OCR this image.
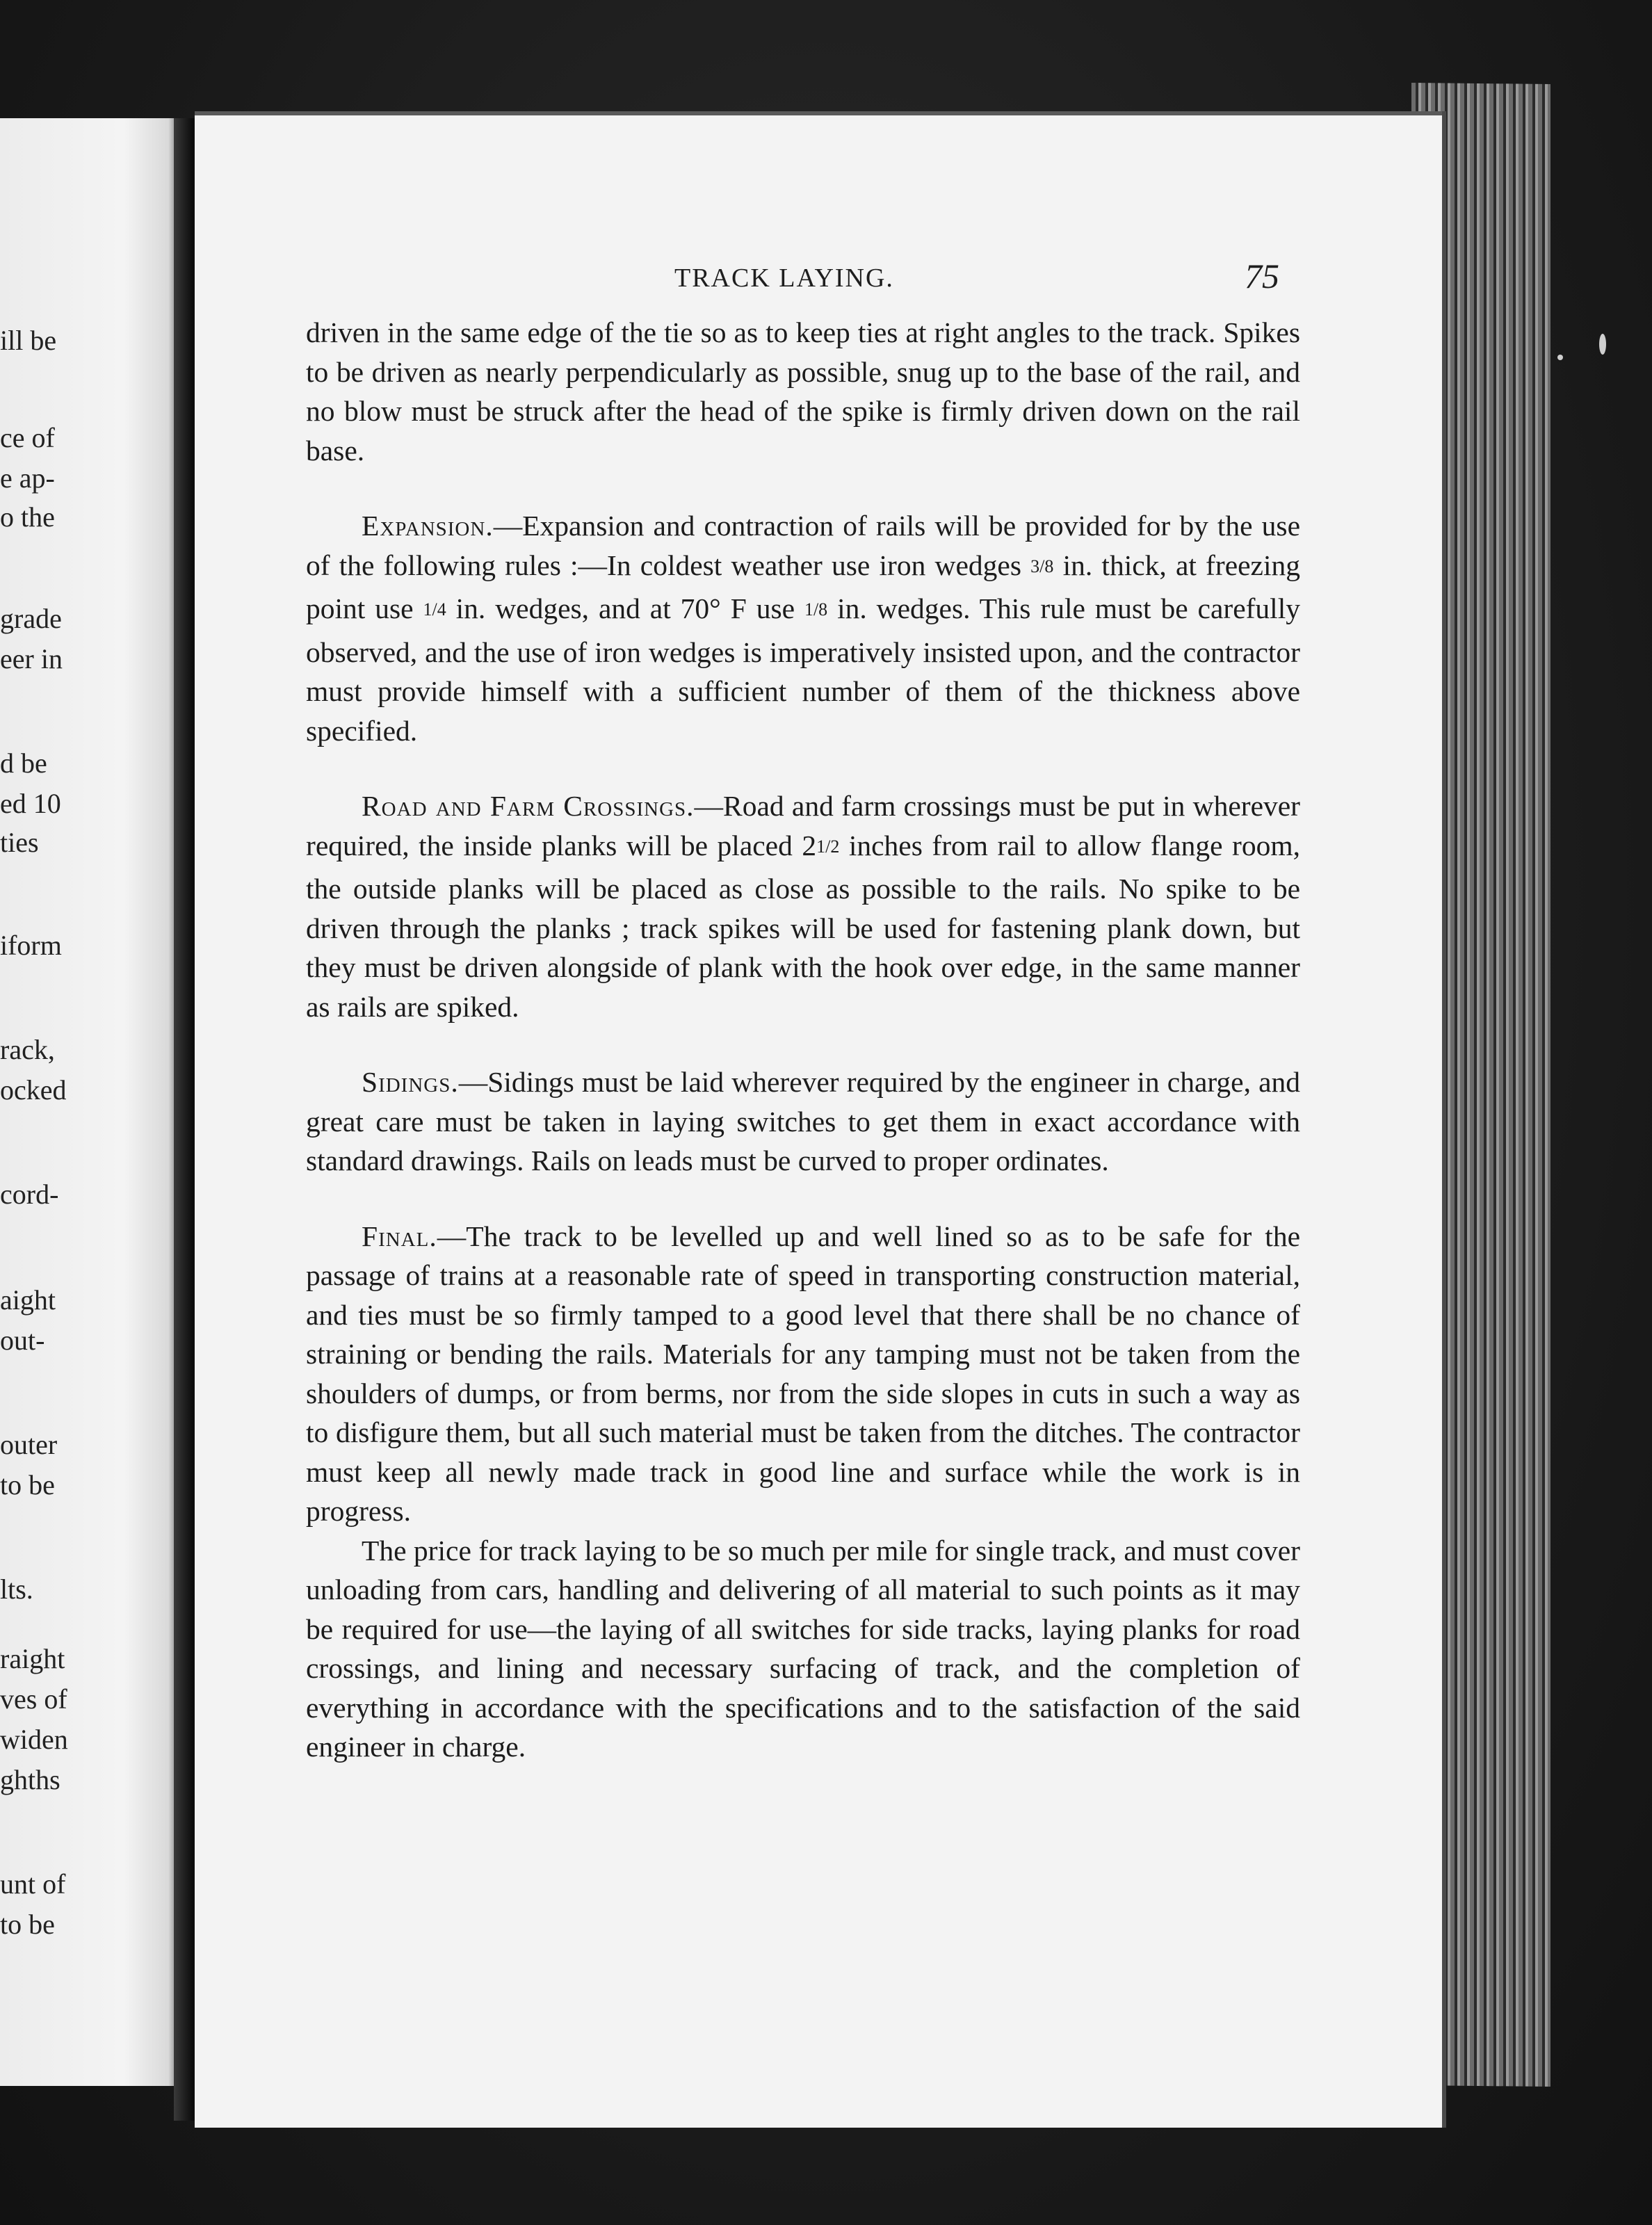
ill be
ce of
e ap-
o the
grade
eer in
d be
ed 10
ties
iform
rack,
ocked
cord-
aight
out-
outer
to be
lts.
raight
ves of
widen
ghths
unt of
to be
TRACK LAYING.	75

driven in the same edge of the tie so as to keep ties at right angles to the track. Spikes to be driven as nearly perpendicularly as possible, snug up to the base of the rail, and no blow must be struck after the head of the spike is firmly driven down on the rail base.

Expansion.—Expansion and contraction of rails will be provided for by the use of the following rules :—In coldest weather use iron wedges 3/8 in. thick, at freezing point use 1/4 in. wedges, and at 70° F use 1/8 in. wedges. This rule must be carefully observed, and the use of iron wedges is imperatively insisted upon, and the contractor must provide himself with a sufficient number of them of the thickness above specified.

Road and Farm Crossings.—Road and farm crossings must be put in wherever required, the inside planks will be placed 21/2 inches from rail to allow flange room, the outside planks will be placed as close as possible to the rails. No spike to be driven through the planks ; track spikes will be used for fastening plank down, but they must be driven alongside of plank with the hook over edge, in the same manner as rails are spiked.

Sidings.—Sidings must be laid wherever required by the engineer in charge, and great care must be taken in laying switches to get them in exact accordance with standard drawings. Rails on leads must be curved to proper ordinates.

Final.—The track to be levelled up and well lined so as to be safe for the passage of trains at a reasonable rate of speed in transporting construction material, and ties must be so firmly tamped to a good level that there shall be no chance of straining or bending the rails. Materials for any tamping must not be taken from the shoulders of dumps, or from berms, nor from the side slopes in cuts in such a way as to disfigure them, but all such material must be taken from the ditches. The contractor must keep all newly made track in good line and surface while the work is in progress.

The price for track laying to be so much per mile for single track, and must cover unloading from cars, handling and delivering of all material to such points as it may be required for use—the laying of all switches for side tracks, laying planks for road crossings, and lining and necessary surfacing of track, and the completion of everything in accordance with the specifications and to the satisfaction of the said engineer in charge.
